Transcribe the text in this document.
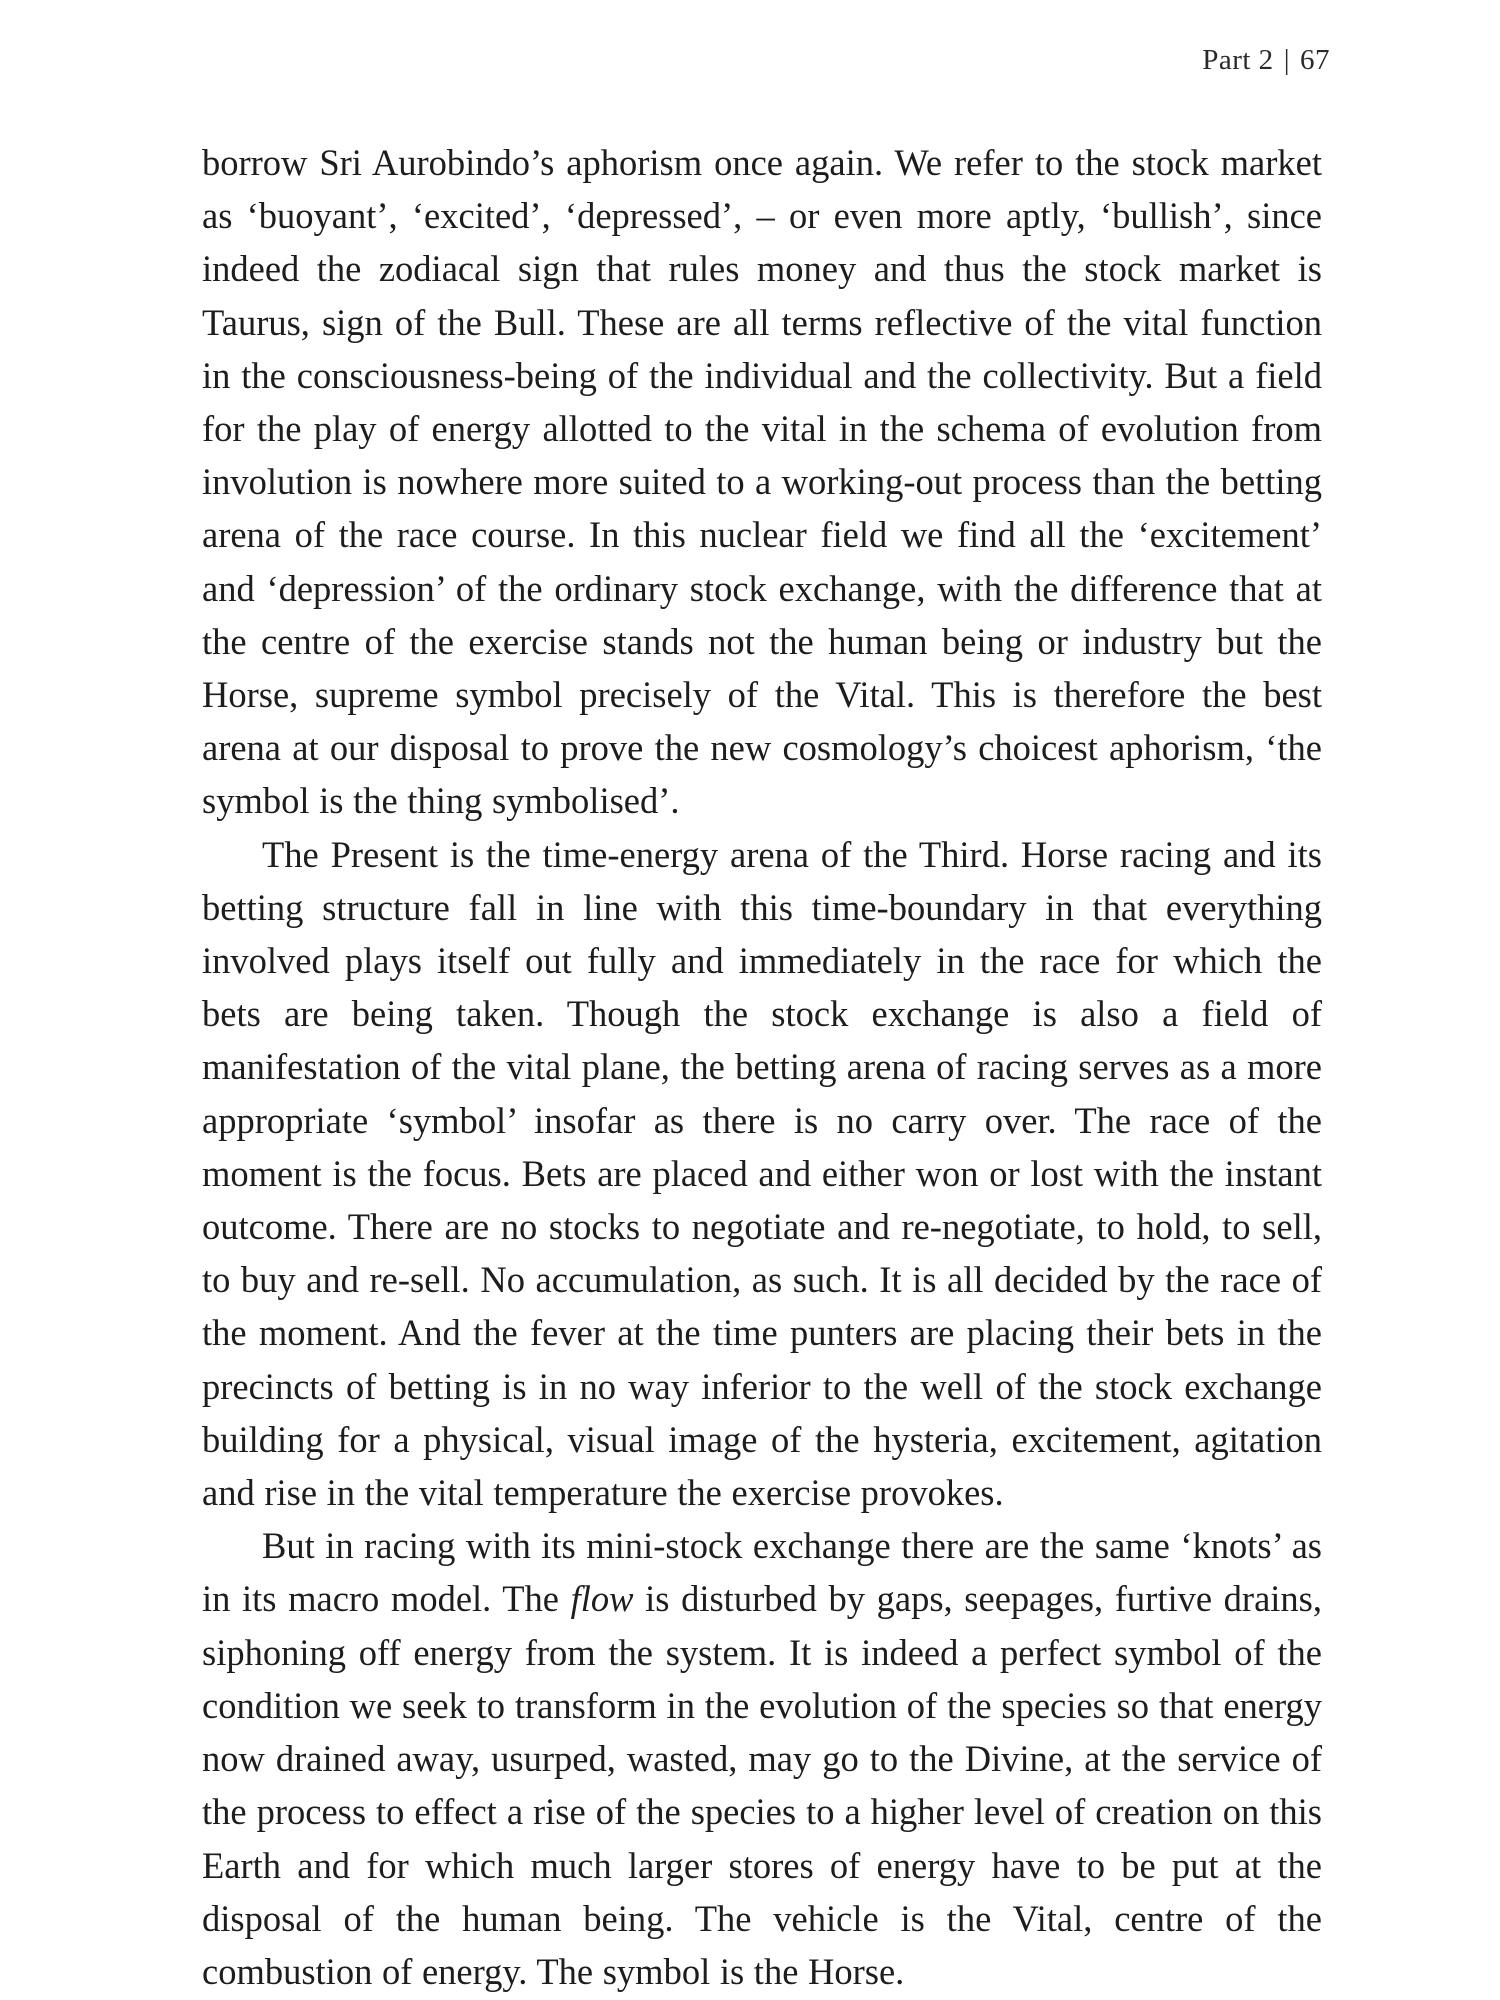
Part 2 | 67

borrow Sri Aurobindo’s aphorism once again. We refer to the stock market as ‘buoyant’, ‘excited’, ‘depressed’, – or even more aptly, ‘bullish’, since indeed the zodiacal sign that rules money and thus the stock market is Taurus, sign of the Bull. These are all terms reflective of the vital function in the consciousness-being of the individual and the collectivity. But a field for the play of energy allotted to the vital in the schema of evolution from involution is nowhere more suited to a working-out process than the betting arena of the race course. In this nuclear field we find all the ‘excitement’ and ‘depression’ of the ordinary stock exchange, with the difference that at the centre of the exercise stands not the human being or industry but the Horse, supreme symbol precisely of the Vital. This is therefore the best arena at our disposal to prove the new cosmology’s choicest aphorism, ‘the symbol is the thing symbolised’.

The Present is the time-energy arena of the Third. Horse racing and its betting structure fall in line with this time-boundary in that everything involved plays itself out fully and immediately in the race for which the bets are being taken. Though the stock exchange is also a field of manifestation of the vital plane, the betting arena of racing serves as a more appropriate ‘symbol’ insofar as there is no carry over. The race of the moment is the focus. Bets are placed and either won or lost with the instant outcome. There are no stocks to negotiate and re-negotiate, to hold, to sell, to buy and re-sell. No accumulation, as such. It is all decided by the race of the moment. And the fever at the time punters are placing their bets in the precincts of betting is in no way inferior to the well of the stock exchange building for a physical, visual image of the hysteria, excitement, agitation and rise in the vital temperature the exercise provokes.

But in racing with its mini-stock exchange there are the same ‘knots’ as in its macro model. The flow is disturbed by gaps, seepages, furtive drains, siphoning off energy from the system. It is indeed a perfect symbol of the condition we seek to transform in the evolution of the species so that energy now drained away, usurped, wasted, may go to the Divine, at the service of the process to effect a rise of the species to a higher level of creation on this Earth and for which much larger stores of energy have to be put at the disposal of the human being. The vehicle is the Vital, centre of the combustion of energy. The symbol is the Horse.
